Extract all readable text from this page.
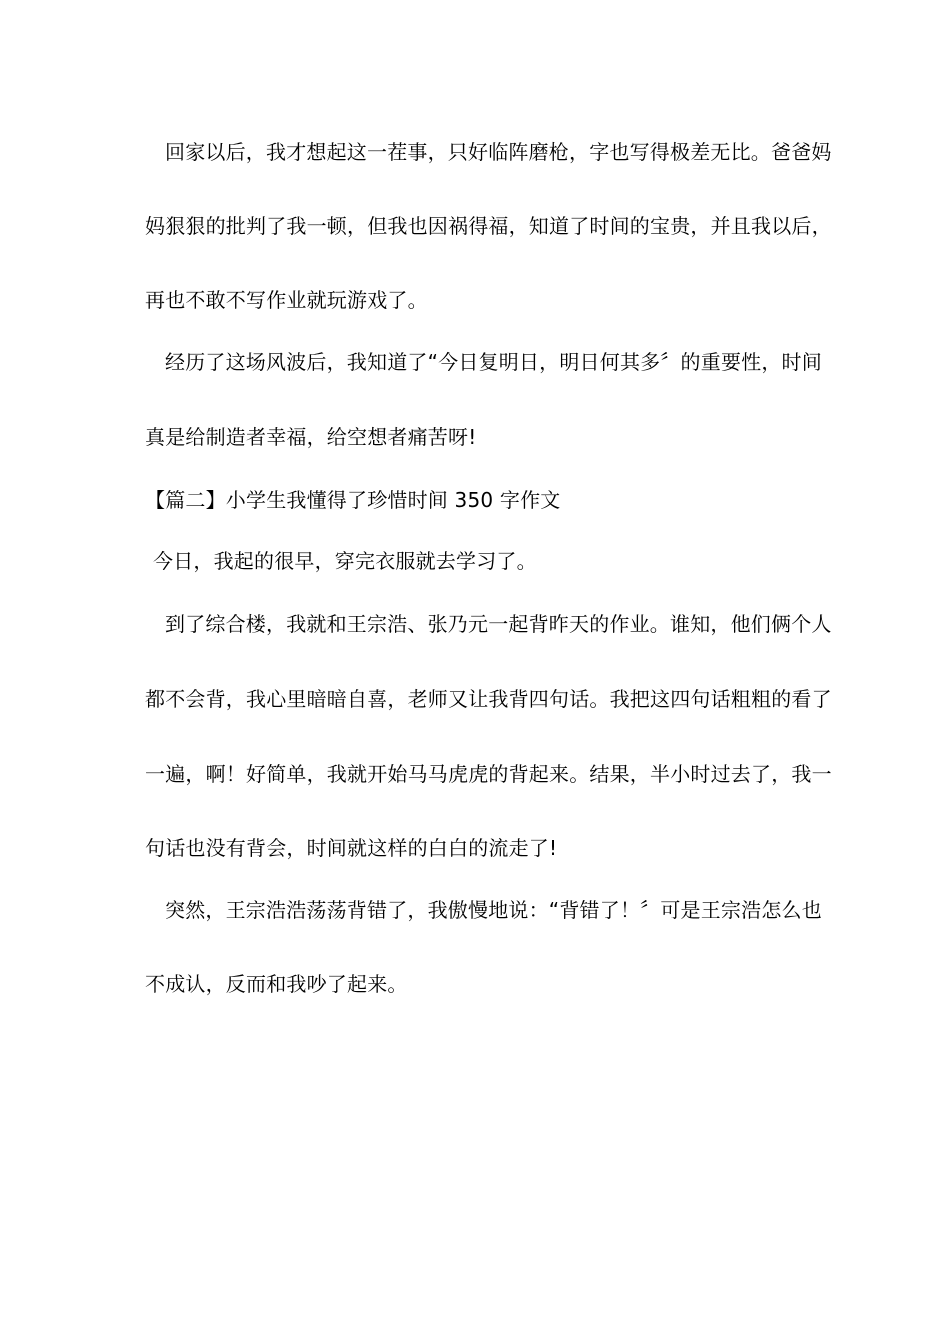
回家以后，我才想起这一茬事，只好临阵磨枪，字也写得极差无比。爸爸妈
妈狠狠的批判了我一顿，但我也因祸得福，知道了时间的宝贵，并且我以后，
再也不敢不写作业就玩游戏了。
经历了这场风波后，我知道了“今日复明日，明日何其多〞的重要性，时间
真是给制造者幸福，给空想者痛苦呀!
【篇二】小学生我懂得了珍惜时间 350 字作文
今日，我起的很早，穿完衣服就去学习了。
到了综合楼，我就和王宗浩、张乃元一起背昨天的作业。谁知，他们俩个人
都不会背，我心里暗暗自喜，老师又让我背四句话。我把这四句话粗粗的看了
一遍，啊！好简单，我就开始马马虎虎的背起来。结果，半小时过去了，我一
句话也没有背会，时间就这样的白白的流走了!
突然，王宗浩浩荡荡背错了，我傲慢地说：“背错了！〞可是王宗浩怎么也
不成认，反而和我吵了起来。
